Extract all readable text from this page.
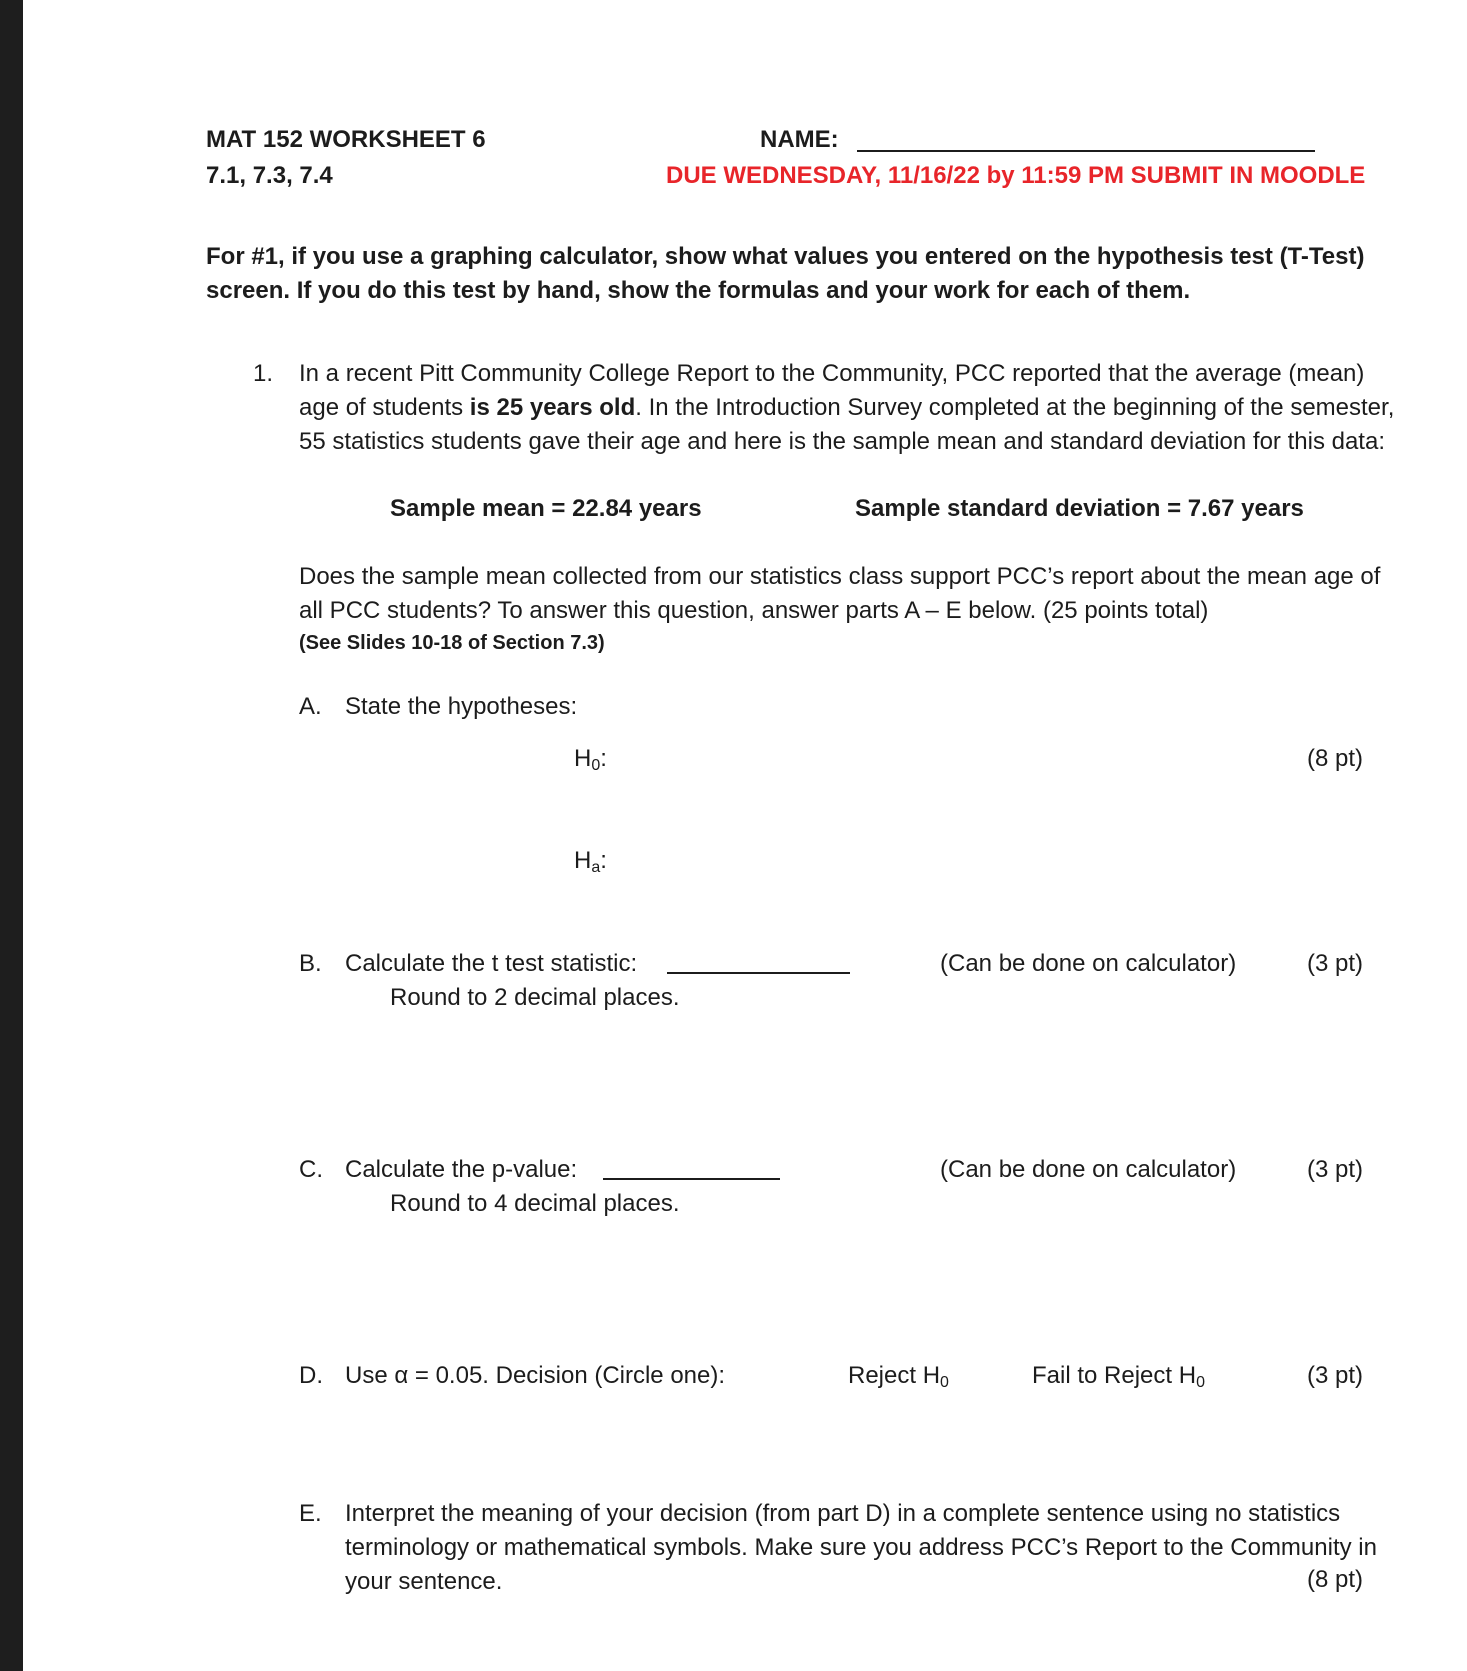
MAT 152 WORKSHEET 6	NAME:
7.1, 7.3, 7.4	DUE WEDNESDAY, 11/16/22 by 11:59 PM SUBMIT IN MOODLE
For #1, if you use a graphing calculator, show what values you entered on the hypothesis test (T-Test) screen. If you do this test by hand, show the formulas and your work for each of them.
1. In a recent Pitt Community College Report to the Community, PCC reported that the average (mean) age of students is 25 years old. In the Introduction Survey completed at the beginning of the semester, 55 statistics students gave their age and here is the sample mean and standard deviation for this data:
Sample mean = 22.84 years	Sample standard deviation = 7.67 years
Does the sample mean collected from our statistics class support PCC’s report about the mean age of all PCC students? To answer this question, answer parts A – E below. (25 points total)
(See Slides 10-18 of Section 7.3)
A. State the hypotheses:
$H_0$:	(8 pt)
$H_a$:
B. Calculate the t test statistic:	(Can be done on calculator)	(3 pt)
Round to 2 decimal places.
C. Calculate the p-value:	(Can be done on calculator)	(3 pt)
Round to 4 decimal places.
D. Use α = 0.05. Decision (Circle one):	Reject $H_0$	Fail to Reject $H_0$	(3 pt)
E. Interpret the meaning of your decision (from part D) in a complete sentence using no statistics terminology or mathematical symbols. Make sure you address PCC’s Report to the Community in your sentence.	(8 pt)
